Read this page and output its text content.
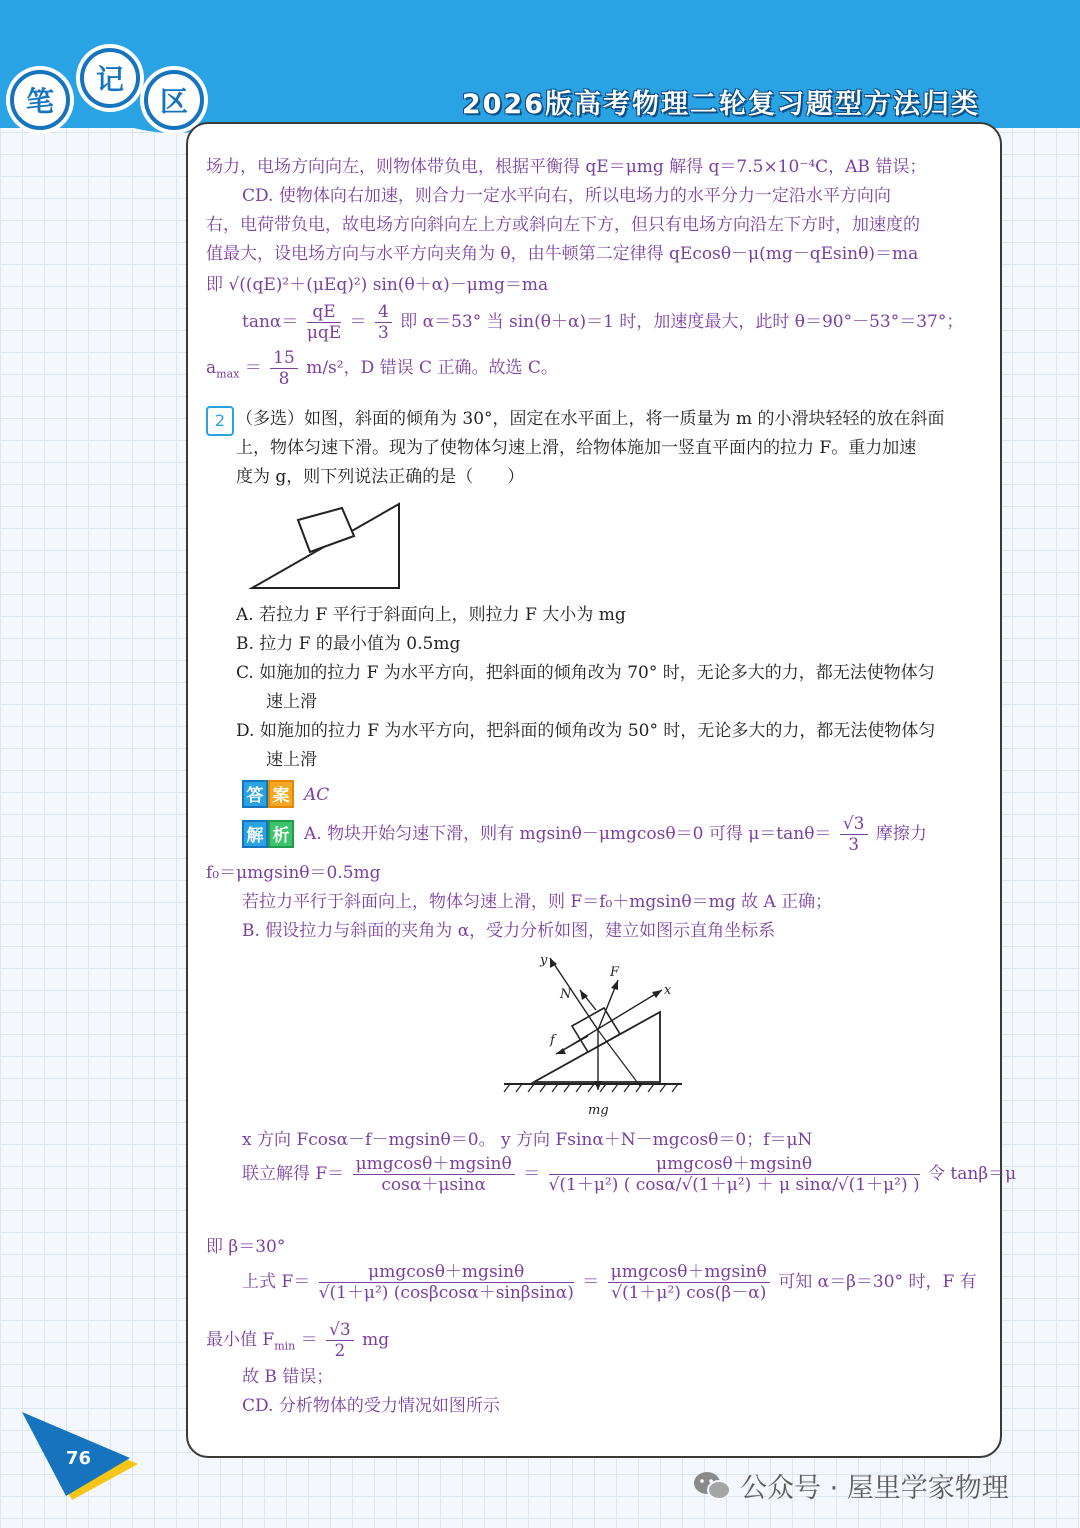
笔
记
区	2026版高考物理二轮复习题型方法归类
场力，电场方向向左，则物体带负电，根据平衡得 qE＝μmg 解得 q＝7.5×10⁻⁴C，AB 错误；
CD. 使物体向右加速，则合力一定水平向右，所以电场力的水平分力一定沿水平方向向
右，电荷带负电，故电场方向斜向左上方或斜向左下方，但只有电场方向沿左下方时，加速度的
值最大，设电场方向与水平方向夹角为 θ，由牛顿第二定律得 qEcosθ－μ(mg－qEsinθ)＝ma
即 √((qE)²＋(μEq)²) sin(θ＋α)－μmg＝ma
$\tan\alpha= \frac{qE}{\text{μqE}} = \frac{4}{3}$ 即 α＝53° 当 sin(θ＋α)＝1 时，加速度最大，此时 θ＝90°－53°＝37°；
$a_{max} = \frac{15}{8} m/s^2$，D 错误 C 正确。故选 C。
2 （多选）如图，斜面的倾角为 30°，固定在水平面上，将一质量为 m 的小滑块轻轻的放在斜面
上，物体匀速下滑。现为了使物体匀速上滑，给物体施加一竖直平面内的拉力 F。重力加速
度为 g，则下列说法正确的是（　　）
A. 若拉力 F 平行于斜面向上，则拉力 F 大小为 mg
B. 拉力 F 的最小值为 0.5mg
C. 如施加的拉力 F 为水平方向，把斜面的倾角改为 70° 时，无论多大的力，都无法使物体匀
速上滑
D. 如施加的拉力 F 为水平方向，把斜面的倾角改为 50° 时，无论多大的力，都无法使物体匀
速上滑
答 案 AC
解 析 A. 物块开始匀速下滑，则有 mgsinθ－μmgcosθ＝0 可得 $\mu=\tan\theta= \frac{√3}{3}$ 摩擦力
f₀＝μmgsinθ＝0.5mg
若拉力平行于斜面向上，物体匀速上滑，则 F＝f₀＋mgsinθ＝mg 故 A 正确；
B. 假设拉力与斜面的夹角为 α，受力分析如图，建立如图示直角坐标系
y
F
x
N
f
mg
x 方向 Fcosα－f－mgsinθ＝0。 y 方向 Fsinα＋N－mgcosθ＝0；f＝μN
联立解得 $F= \frac{\text{μmgcosθ＋mgsinθ}}{\cos\alpha+\mu\sin\alpha} = \frac{\text{μmgcosθ＋mgsinθ}}{\text{√(1＋μ²) ( cosα/√(1＋μ²) ＋ μ sinα/√(1＋μ²) )}}$ 令 tanβ＝μ
即 β＝30°
上式 $F= \frac{\text{μmgcosθ＋mgsinθ}}{\text{√(1＋μ²) (cosβcosα＋sinβsinα)}} = \frac{\text{μmgcosθ＋mgsinθ}}{\text{√(1＋μ²) cos(β－α)}}$ 可知 α＝β＝30° 时，F 有
最小值 $F_{min} = \frac{√3}{2}$ mg
故 B 错误；
CD. 分析物体的受力情况如图所示
76
公众号 · 屋里学家物理
